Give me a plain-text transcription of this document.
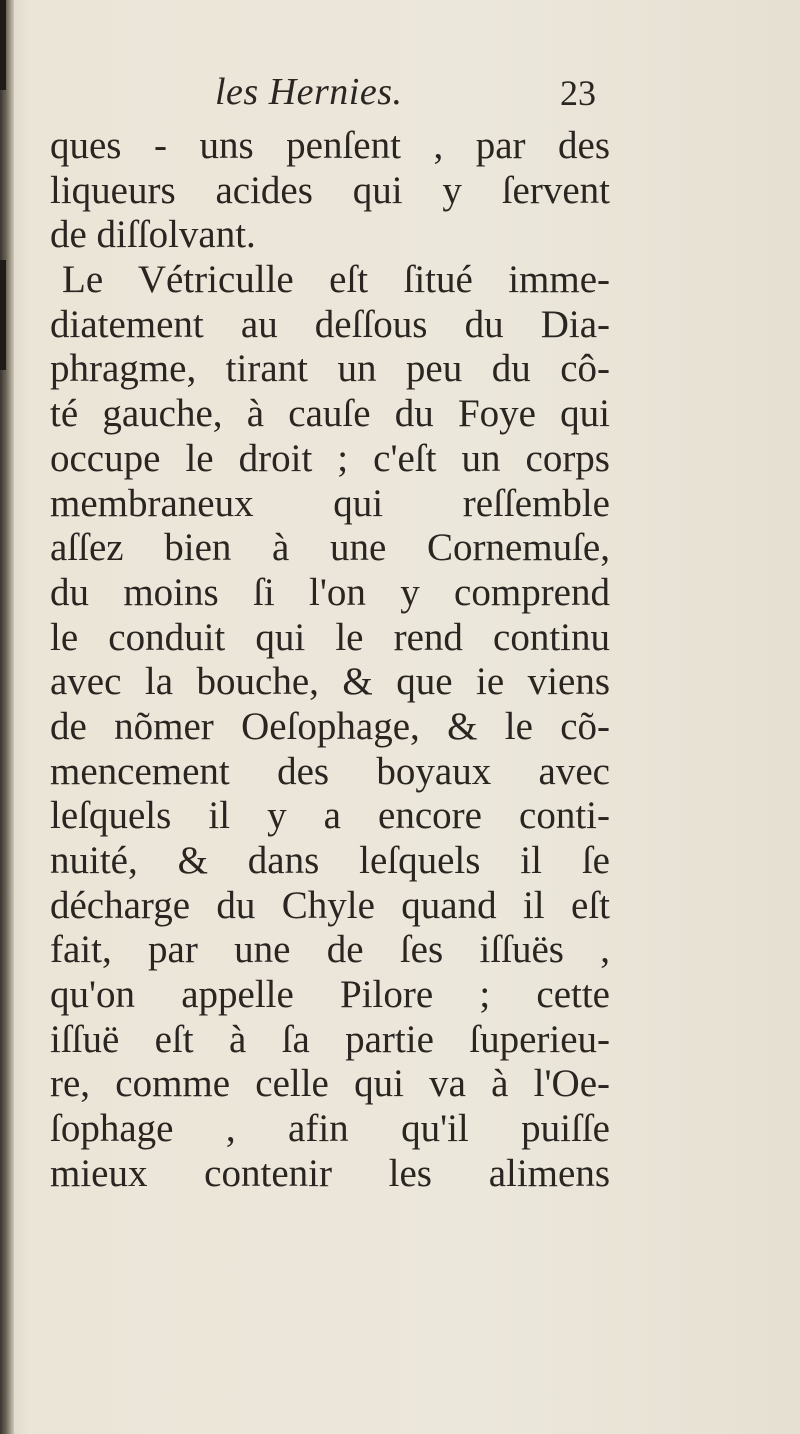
les Hernies.	23
ques - uns penſent , par des
liqueurs acides qui y ſervent
de diſſolvant.
Le Vétriculle eſt ſitué imme-
diatement au deſſous du Dia-
phragme, tirant un peu du cô-
té gauche, à cauſe du Foye qui
occupe le droit ; c'eſt un corps
membraneux qui reſſemble
aſſez bien à une Cornemuſe,
du moins ſi l'on y comprend
le conduit qui le rend continu
avec la bouche, & que ie viens
de nõmer Oeſophage, & le cõ-
mencement des boyaux avec
leſquels il y a encore conti-
nuité, & dans leſquels il ſe
décharge du Chyle quand il eſt
fait, par une de ſes iſſuës ,
qu'on appelle Pilore ; cette
iſſuë eſt à ſa partie ſuperieu-
re, comme celle qui va à l'Oe-
ſophage , afin qu'il puiſſe
mieux contenir les alimens
